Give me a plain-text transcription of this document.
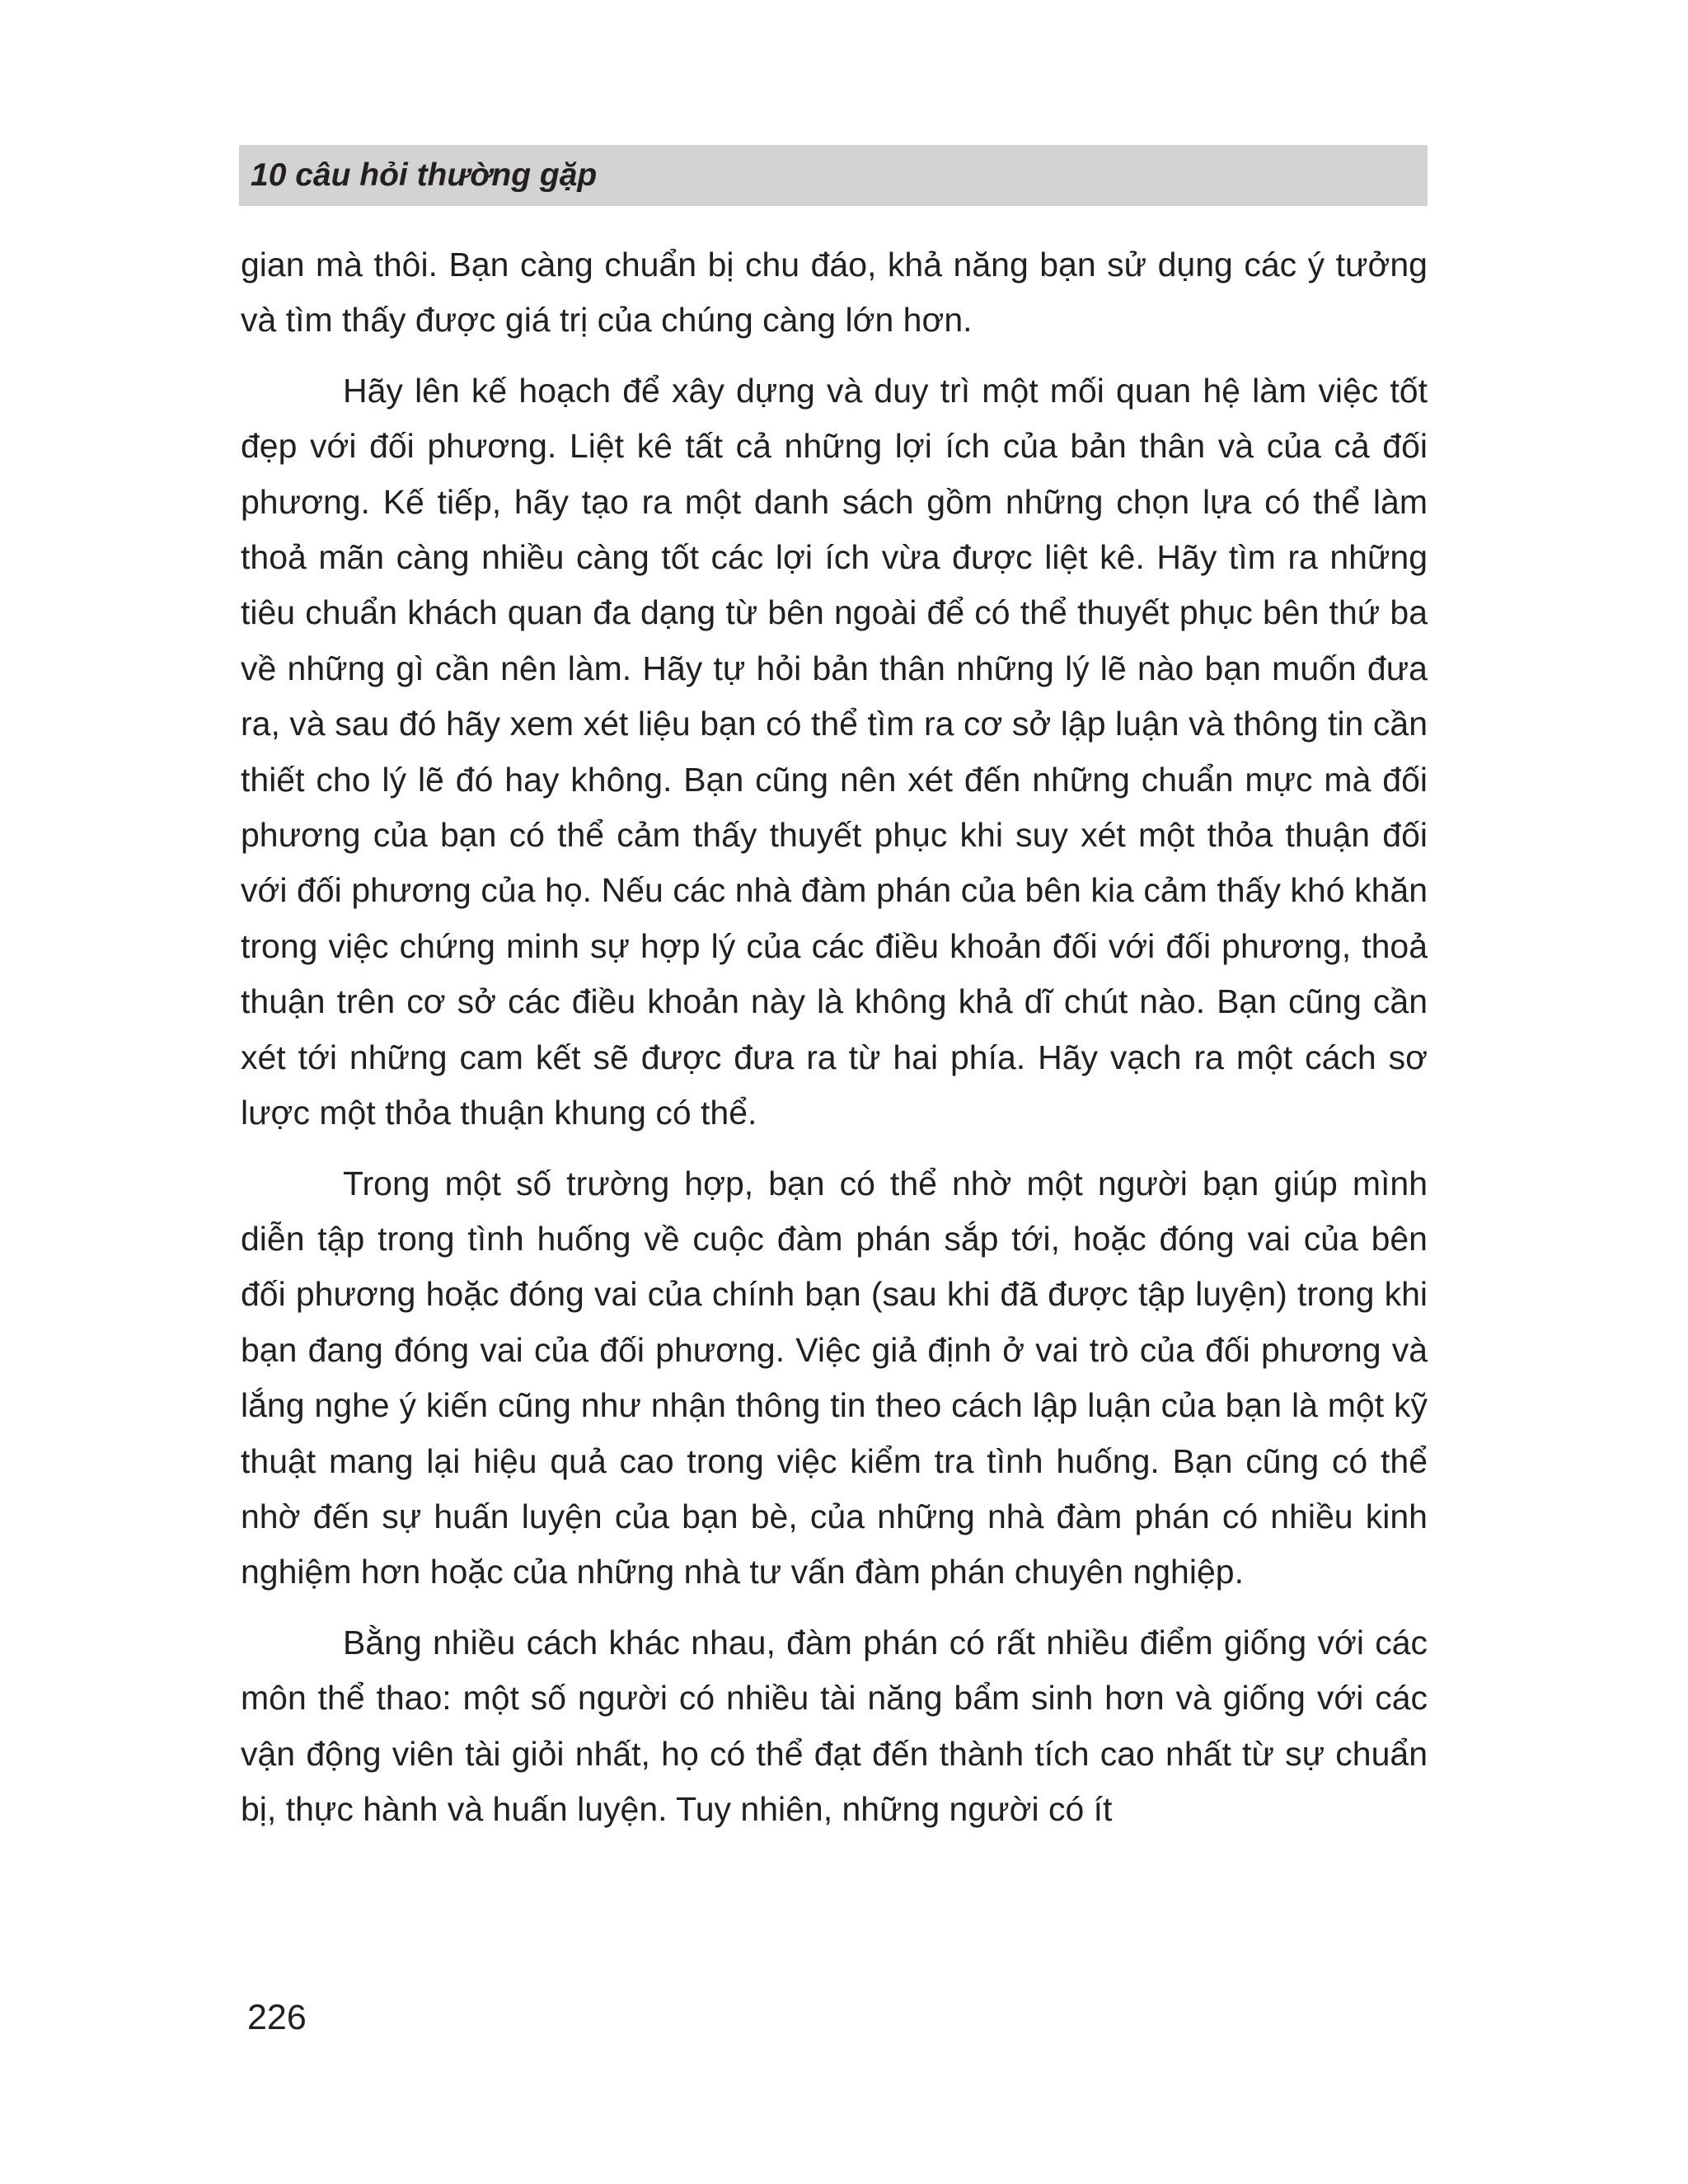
10 câu hỏi thường gặp

gian mà thôi. Bạn càng chuẩn bị chu đáo, khả năng bạn sử dụng các ý tưởng và tìm thấy được giá trị của chúng càng lớn hơn.

Hãy lên kế hoạch để xây dựng và duy trì một mối quan hệ làm việc tốt đẹp với đối phương. Liệt kê tất cả những lợi ích của bản thân và của cả đối phương. Kế tiếp, hãy tạo ra một danh sách gồm những chọn lựa có thể làm thoả mãn càng nhiều càng tốt các lợi ích vừa được liệt kê. Hãy tìm ra những tiêu chuẩn khách quan đa dạng từ bên ngoài để có thể thuyết phục bên thứ ba về những gì cần nên làm. Hãy tự hỏi bản thân những lý lẽ nào bạn muốn đưa ra, và sau đó hãy xem xét liệu bạn có thể tìm ra cơ sở lập luận và thông tin cần thiết cho lý lẽ đó hay không. Bạn cũng nên xét đến những chuẩn mực mà đối phương của bạn có thể cảm thấy thuyết phục khi suy xét một thỏa thuận đối với đối phương của họ. Nếu các nhà đàm phán của bên kia cảm thấy khó khăn trong việc chứng minh sự hợp lý của các điều khoản đối với đối phương, thoả thuận trên cơ sở các điều khoản này là không khả dĩ chút nào. Bạn cũng cần xét tới những cam kết sẽ được đưa ra từ hai phía. Hãy vạch ra một cách sơ lược một thỏa thuận khung có thể.

Trong một số trường hợp, bạn có thể nhờ một người bạn giúp mình diễn tập trong tình huống về cuộc đàm phán sắp tới, hoặc đóng vai của bên đối phương hoặc đóng vai của chính bạn (sau khi đã được tập luyện) trong khi bạn đang đóng vai của đối phương. Việc giả định ở vai trò của đối phương và lắng nghe ý kiến cũng như nhận thông tin theo cách lập luận của bạn là một kỹ thuật mang lại hiệu quả cao trong việc kiểm tra tình huống. Bạn cũng có thể nhờ đến sự huấn luyện của bạn bè, của những nhà đàm phán có nhiều kinh nghiệm hơn hoặc của những nhà tư vấn đàm phán chuyên nghiệp.

Bằng nhiều cách khác nhau, đàm phán có rất nhiều điểm giống với các môn thể thao: một số người có nhiều tài năng bẩm sinh hơn và giống với các vận động viên tài giỏi nhất, họ có thể đạt đến thành tích cao nhất từ sự chuẩn bị, thực hành và huấn luyện. Tuy nhiên, những người có ít

226
